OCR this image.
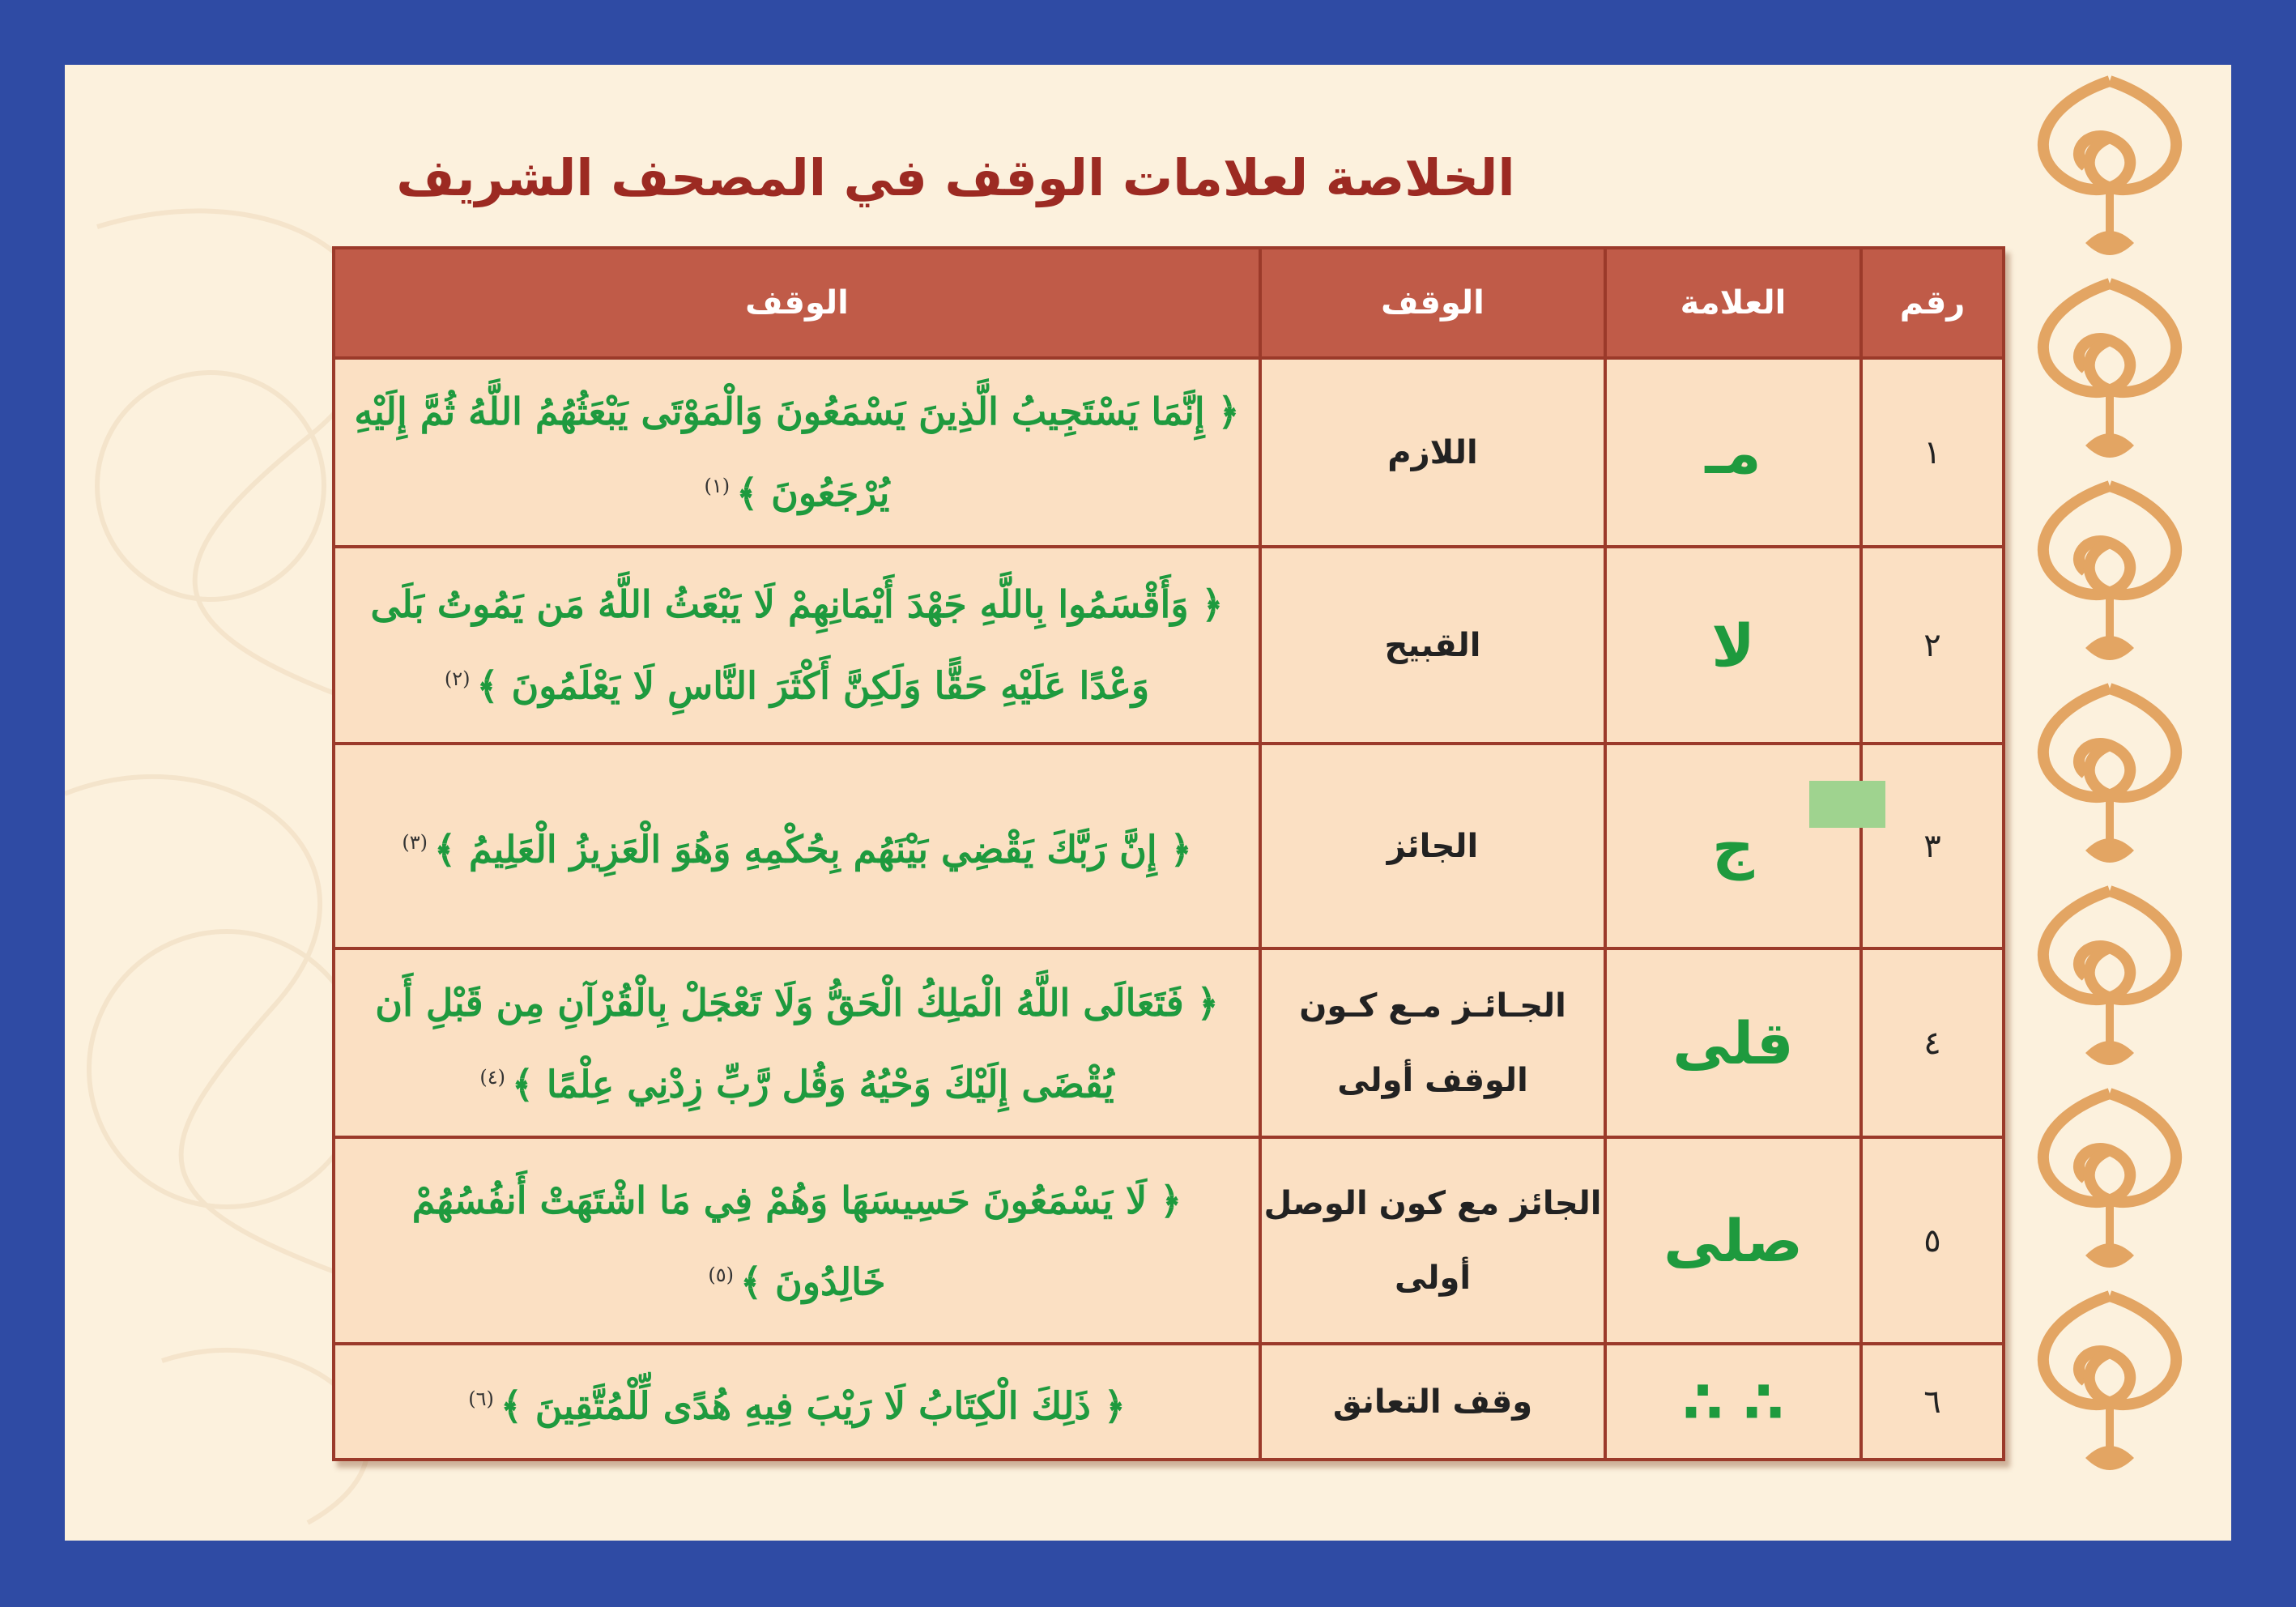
الخلاصة لعلامات الوقف في المصحف الشريف
رقم	العلامة	الوقف	الوقف
١	مـ	اللازم	﴿ إِنَّمَا يَسْتَجِيبُ الَّذِينَ يَسْمَعُونَ وَالْمَوْتَى يَبْعَثُهُمُ اللَّهُ ثُمَّ إِلَيْهِ يُرْجَعُونَ ﴾$^{(١)}$
٢	لا	القبيح	﴿ وَأَقْسَمُوا بِاللَّهِ جَهْدَ أَيْمَانِهِمْ لَا يَبْعَثُ اللَّهُ مَن يَمُوتُ بَلَى وَعْدًا عَلَيْهِ حَقًّا وَلَكِنَّ أَكْثَرَ النَّاسِ لَا يَعْلَمُونَ ﴾$^{(٢)}$
٣	ج	الجائز	﴿ إِنَّ رَبَّكَ يَقْضِي بَيْنَهُم بِحُكْمِهِ وَهُوَ الْعَزِيزُ الْعَلِيمُ ﴾$^{(٣)}$
٤	قلى	الجـائـز مـع كـون الوقف أولى	﴿ فَتَعَالَى اللَّهُ الْمَلِكُ الْحَقُّ وَلَا تَعْجَلْ بِالْقُرْآنِ مِن قَبْلِ أَن يُقْضَى إِلَيْكَ وَحْيُهُ وَقُل رَّبِّ زِدْنِي عِلْمًا ﴾$^{(٤)}$
٥	صلى	الجائز مع كون الوصل أولى	﴿ لَا يَسْمَعُونَ حَسِيسَهَا وَهُمْ فِي مَا اشْتَهَتْ أَنفُسُهُمْ خَالِدُونَ ﴾$^{(٥)}$
٦	∴ ∴	وقف التعانق	﴿ ذَلِكَ الْكِتَابُ لَا رَيْبَ فِيهِ هُدًى لِّلْمُتَّقِينَ ﴾$^{(٦)}$
